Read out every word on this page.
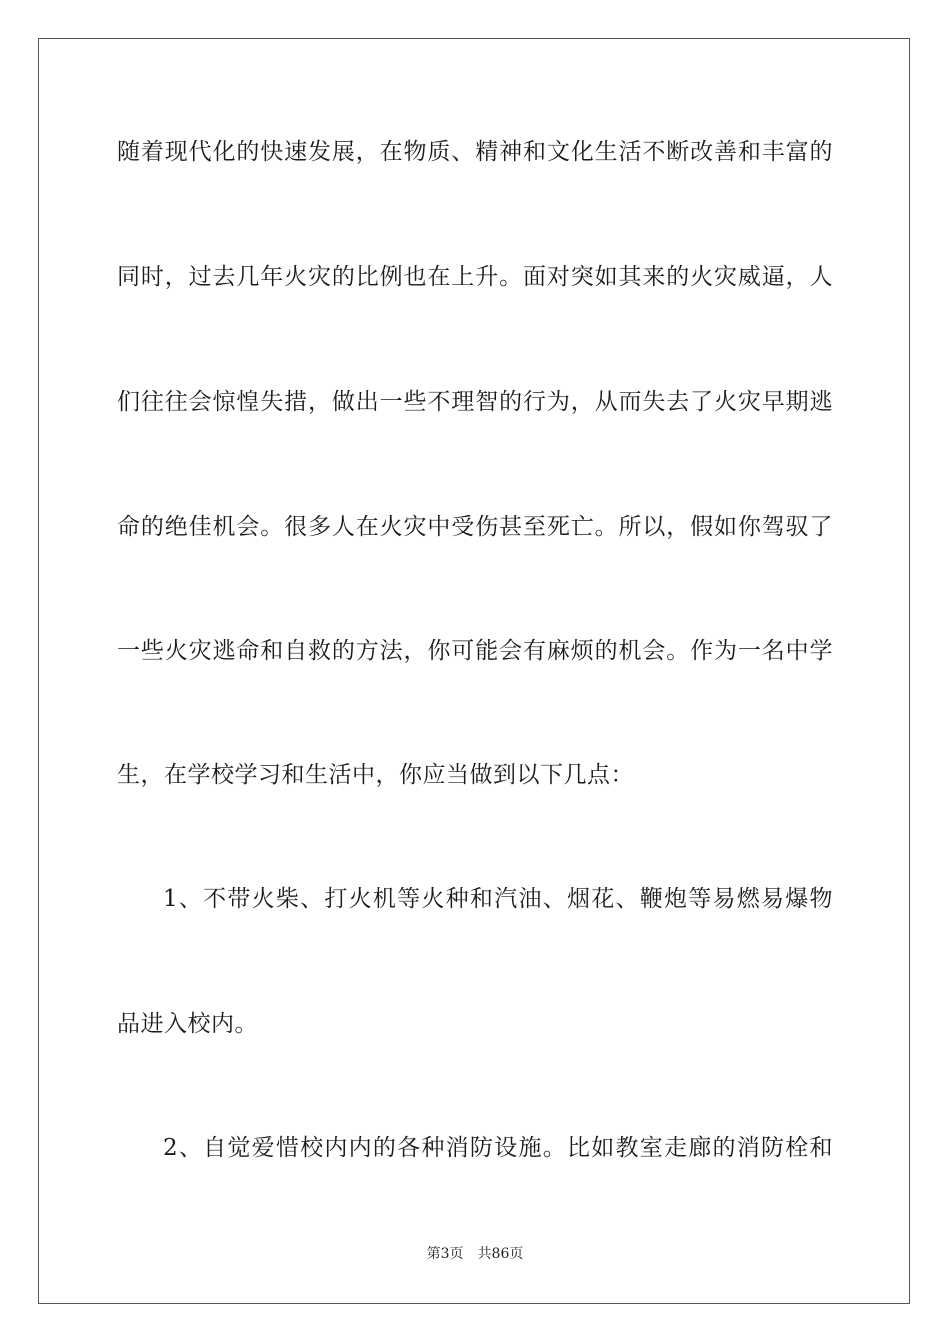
随着现代化的快速发展，在物质、精神和文化生活不断改善和丰富的
同时，过去几年火灾的比例也在上升。面对突如其来的火灾威逼，人
们往往会惊惶失措，做出一些不理智的行为，从而失去了火灾早期逃
命的绝佳机会。很多人在火灾中受伤甚至死亡。所以，假如你驾驭了
一些火灾逃命和自救的方法，你可能会有麻烦的机会。作为一名中学
生，在学校学习和生活中，你应当做到以下几点：
1、不带火柴、打火机等火种和汽油、烟花、鞭炮等易燃易爆物
品进入校内。
2、自觉爱惜校内内的各种消防设施。比如教室走廊的消防栓和
第3页 共86页
